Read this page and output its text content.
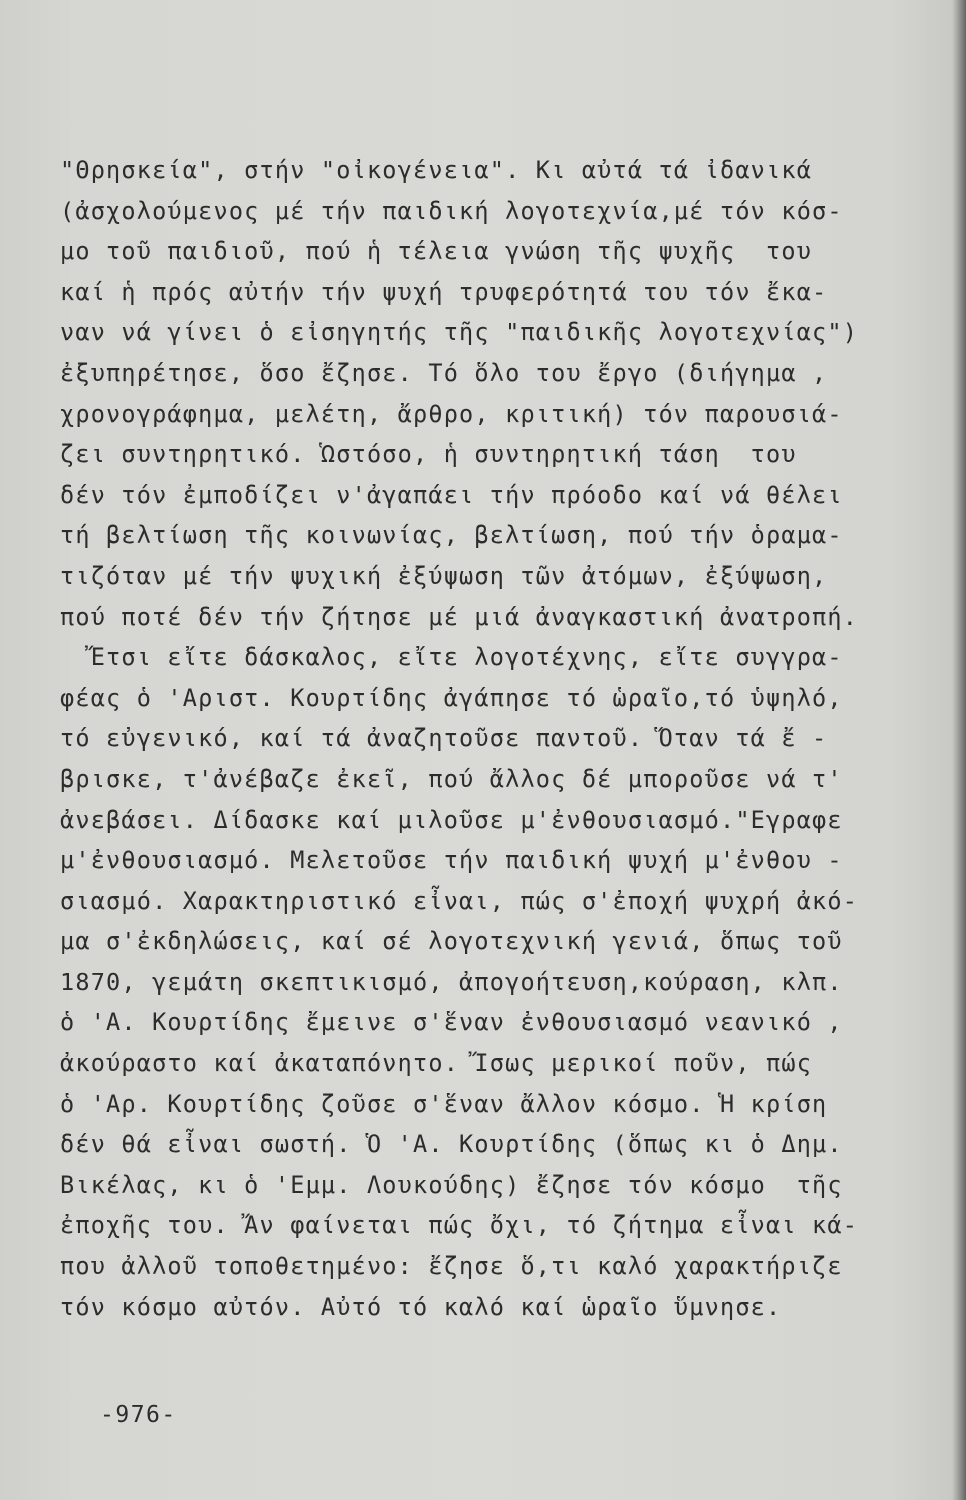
"Θρησκεία", στήν "οἰκογένεια". Κι αὐτά τά ἰδανικά
(ἀσχολούμενος μέ τήν παιδική λογοτεχνία,μέ τόν κόσ-
μο τοῦ παιδιοῦ, πού ἡ τέλεια γνώση τῆς ψυχῆς  του
καί ἡ πρός αὐτήν τήν ψυχή τρυφερότητά του τόν ἔκα-
ναν νά γίνει ὁ εἰσηγητής τῆς "παιδικῆς λογοτεχνίας")
ἐξυπηρέτησε, ὅσο ἔζησε. Τό ὅλο του ἔργο (διήγημα ,
χρονογράφημα, μελέτη, ἄρθρο, κριτική) τόν παρουσιά-
ζει συντηρητικό. Ὡστόσο, ἡ συντηρητική τάση  του
δέν τόν ἐμποδίζει ν'ἀγαπάει τήν πρόοδο καί νά θέλει
τή βελτίωση τῆς κοινωνίας, βελτίωση, πού τήν ὁραμα-
τιζόταν μέ τήν ψυχική ἐξύψωση τῶν ἀτόμων, ἐξύψωση,
πού ποτέ δέν τήν ζήτησε μέ μιά ἀναγκαστική ἀνατροπή.
Ἔτσι εἴτε δάσκαλος, εἴτε λογοτέχνης, εἴτε συγγρα-
φέας ὁ 'Αριστ. Κουρτίδης ἀγάπησε τό ὡραῖο,τό ὑψηλό,
τό εὐγενικό, καί τά ἀναζητοῦσε παντοῦ. Ὅταν τά ἔ -
βρισκε, τ'ἀνέβαζε ἐκεῖ, πού ἄλλος δέ μποροῦσε νά τ'
ἀνεβάσει. Δίδασκε καί μιλοῦσε μ'ἐνθουσιασμό."Εγραφε
μ'ἐνθουσιασμό. Μελετοῦσε τήν παιδική ψυχή μ'ἐνθου -
σιασμό. Χαρακτηριστικό εἶναι, πώς σ'ἐποχή ψυχρή ἀκό-
μα σ'ἐκδηλώσεις, καί σέ λογοτεχνική γενιά, ὅπως τοῦ
1870, γεμάτη σκεπτικισμό, ἀπογοήτευση,κούραση, κλπ.
ὁ 'Α. Κουρτίδης ἔμεινε σ'ἕναν ἐνθουσιασμό νεανικό ,
ἀκούραστο καί ἀκαταπόνητο. Ἴσως μερικοί ποῦν, πώς
ὁ 'Αρ. Κουρτίδης ζοῦσε σ'ἕναν ἄλλον κόσμο. Ἡ κρίση
δέν θά εἶναι σωστή. Ὁ 'Α. Κουρτίδης (ὅπως κι ὁ Δημ.
Βικέλας, κι ὁ 'Εμμ. Λουκούδης) ἔζησε τόν κόσμο  τῆς
ἐποχῆς του. Ἄν φαίνεται πώς ὄχι, τό ζήτημα εἶναι κά-
που ἀλλοῦ τοποθετημένο: ἔζησε ὅ,τι καλό χαρακτήριζε
τόν κόσμο αὐτόν. Αὐτό τό καλό καί ὡραῖο ὕμνησε.
-976-
